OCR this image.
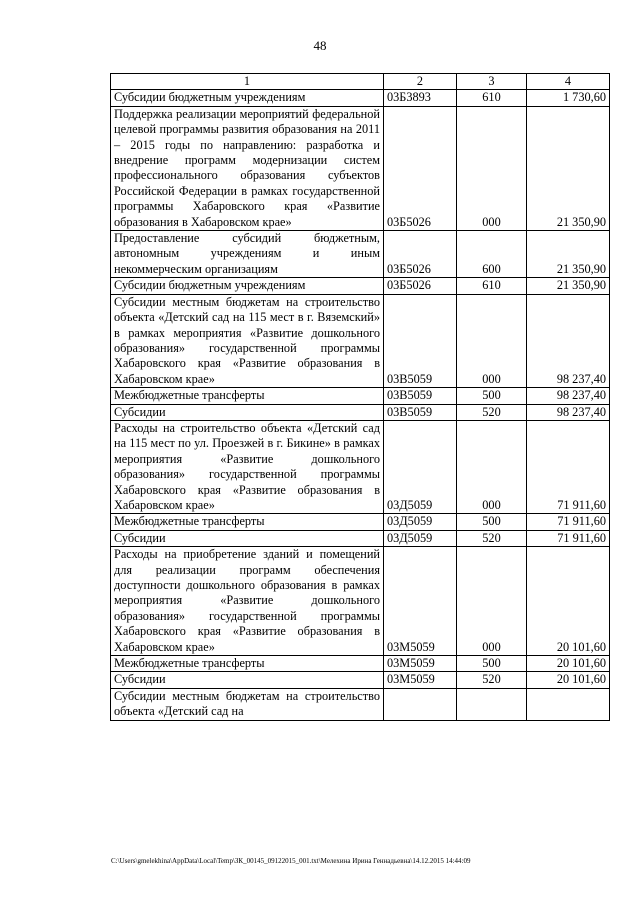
48
1	2	3	4
Субсидии бюджетным учреждениям	03Б3893	610	1 730,60
Поддержка реализации мероприятий федеральной целевой программы развития образования на 2011 – 2015 годы по направлению: разработка и внедрение программ модернизации систем профессионального образования субъектов Российской Федерации в рамках государственной программы Хабаровского края «Развитие образования в Хабаровском крае»	03Б5026	000	21 350,90
Предоставление субсидий бюджетным, автономным учреждениям и иным некоммерческим организациям	03Б5026	600	21 350,90
Субсидии бюджетным учреждениям	03Б5026	610	21 350,90
Субсидии местным бюджетам на строительство объекта «Детский сад на 115 мест в г. Вяземский» в рамках мероприятия «Развитие дошкольного образования» государственной программы Хабаровского края «Развитие образования в Хабаровском крае»	03В5059	000	98 237,40
Межбюджетные трансферты	03В5059	500	98 237,40
Субсидии	03В5059	520	98 237,40
Расходы на строительство объекта «Детский сад на 115 мест по ул. Проезжей в г. Бикине» в рамках мероприятия «Развитие дошкольного образования» государственной программы Хабаровского края «Развитие образования в Хабаровском крае»	03Д5059	000	71 911,60
Межбюджетные трансферты	03Д5059	500	71 911,60
Субсидии	03Д5059	520	71 911,60
Расходы на приобретение зданий и помещений для реализации программ обеспечения доступности дошкольного образования в рамках мероприятия «Развитие дошкольного образования» государственной программы Хабаровского края «Развитие образования в Хабаровском крае»	03М5059	000	20 101,60
Межбюджетные трансферты	03М5059	500	20 101,60
Субсидии	03М5059	520	20 101,60
Субсидии местным бюджетам на строительство объекта «Детский сад на			
C:\Users\gmelekhina\AppData\Local\Temp\ЗК_00145_09122015_001.txt\Мелехина Ирина Геннадьевна\14.12.2015 14:44:09
